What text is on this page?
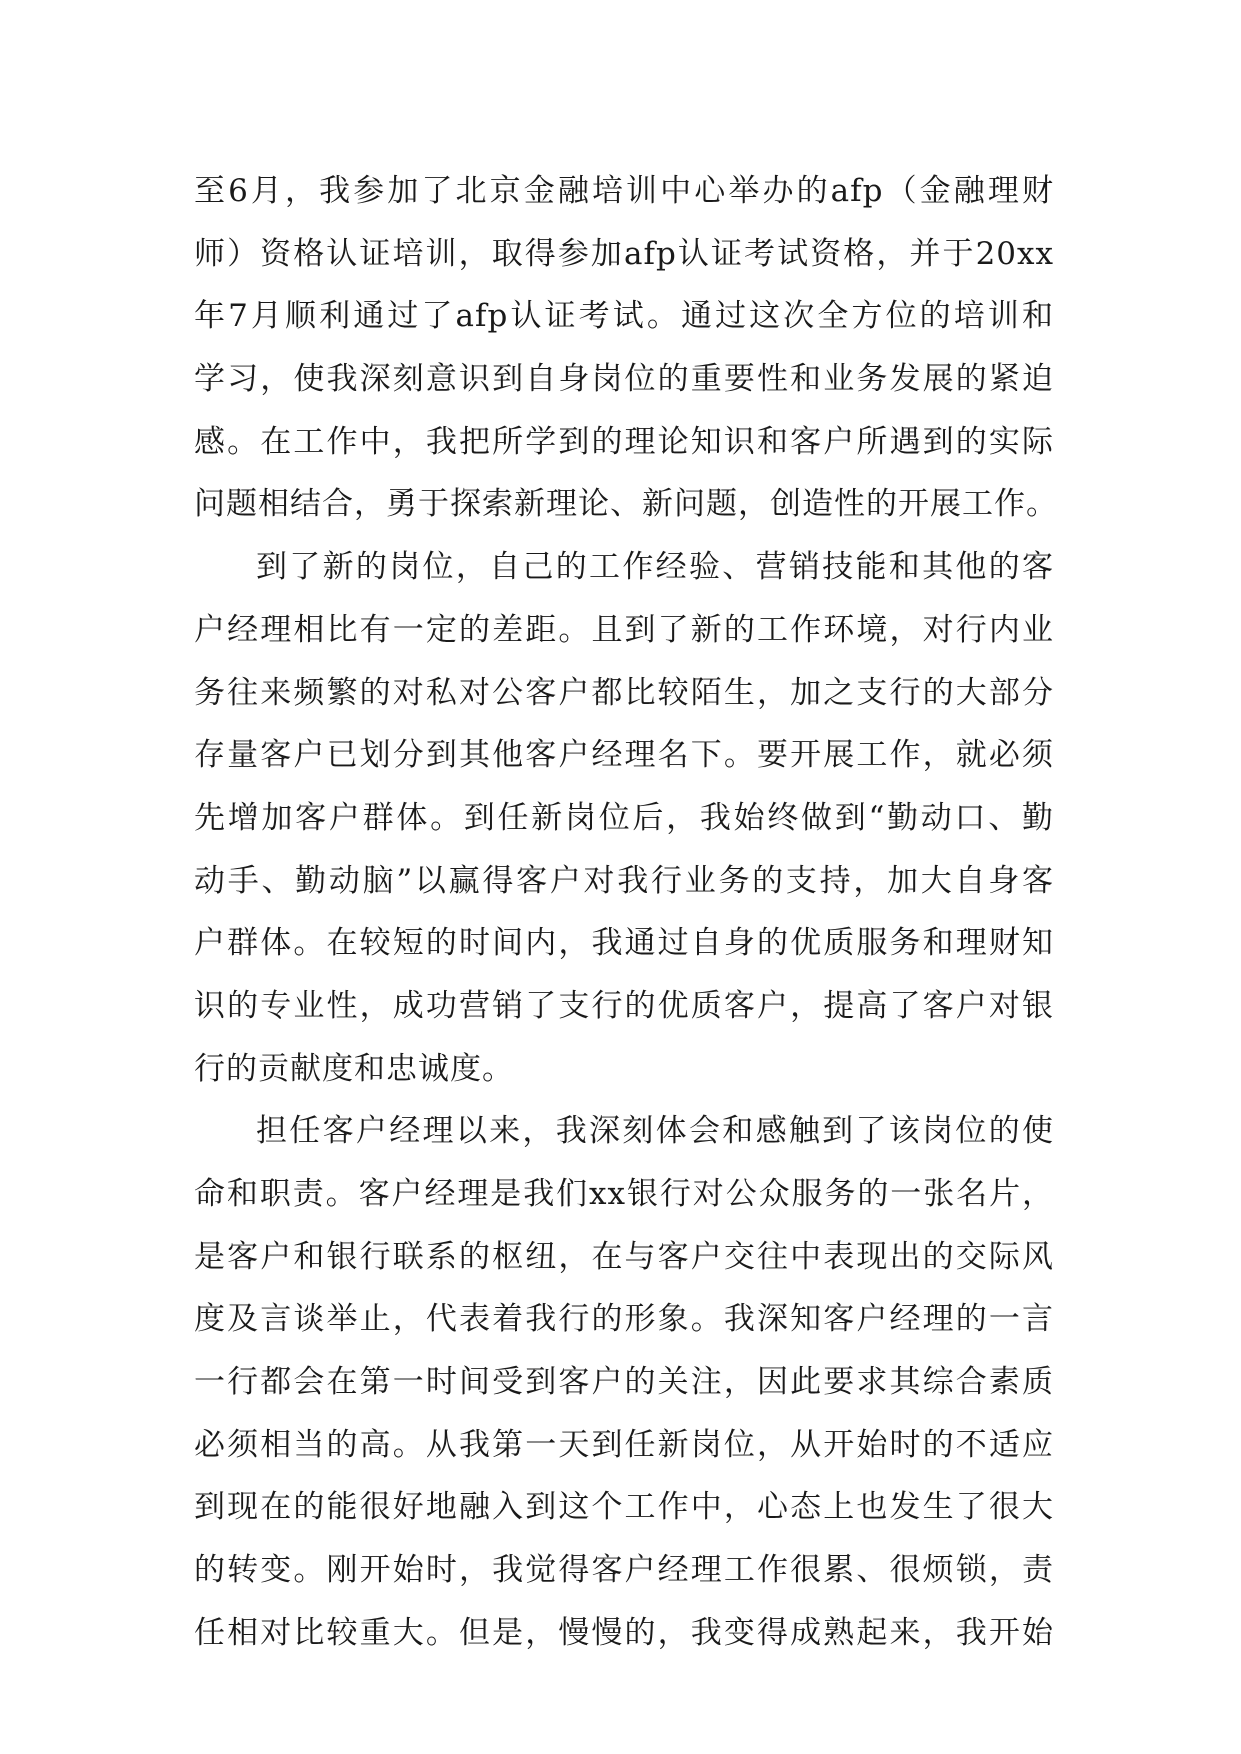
至6月，我参加了北京金融培训中心举办的afp（金融理财
师）资格认证培训，取得参加afp认证考试资格，并于20xx
年7月顺利通过了afp认证考试。通过这次全方位的培训和
学习，使我深刻意识到自身岗位的重要性和业务发展的紧迫
感。在工作中，我把所学到的理论知识和客户所遇到的实际
问题相结合，勇于探索新理论、新问题，创造性的开展工作。
到了新的岗位，自己的工作经验、营销技能和其他的客
户经理相比有一定的差距。且到了新的工作环境，对行内业
务往来频繁的对私对公客户都比较陌生，加之支行的大部分
存量客户已划分到其他客户经理名下。要开展工作，就必须
先增加客户群体。到任新岗位后，我始终做到“勤动口、勤
动手、勤动脑”以赢得客户对我行业务的支持，加大自身客
户群体。在较短的时间内，我通过自身的优质服务和理财知
识的专业性，成功营销了支行的优质客户，提高了客户对银
行的贡献度和忠诚度。
担任客户经理以来，我深刻体会和感触到了该岗位的使
命和职责。客户经理是我们xx银行对公众服务的一张名片，
是客户和银行联系的枢纽，在与客户交往中表现出的交际风
度及言谈举止，代表着我行的形象。我深知客户经理的一言
一行都会在第一时间受到客户的关注，因此要求其综合素质
必须相当的高。从我第一天到任新岗位，从开始时的不适应
到现在的能很好地融入到这个工作中，心态上也发生了很大
的转变。刚开始时，我觉得客户经理工作很累、很烦锁，责
任相对比较重大。但是，慢慢的，我变得成熟起来，我开始
